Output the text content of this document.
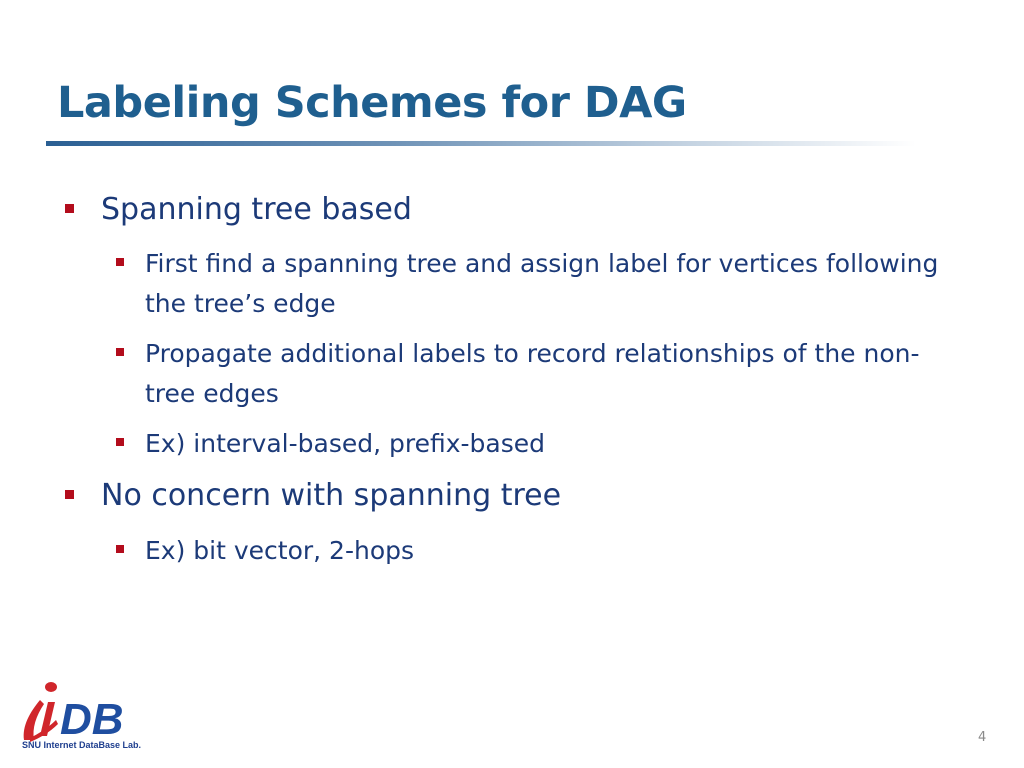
Labeling Schemes for DAG
Spanning tree based
First find a spanning tree and assign label for vertices following the tree’s edge
Propagate additional labels to record relationships of the non-tree edges
Ex) interval-based, prefix-based
No concern with spanning tree
Ex) bit vector, 2-hops
DB
SNU Internet DataBase Lab.	4
